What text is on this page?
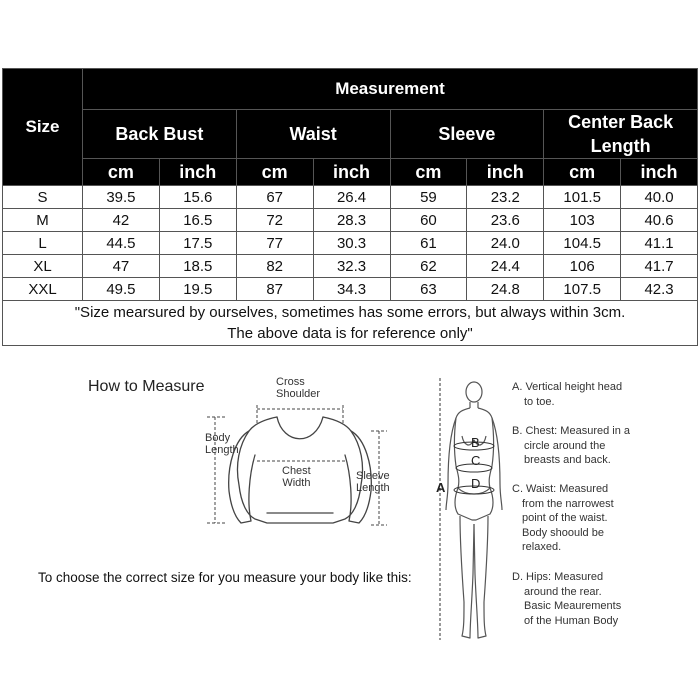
Size	Measurement							
	Back Bust		Waist		Sleeve		Center Back
Length	
	cm	inch	cm	inch	cm	inch	cm	inch
S	39.5	15.6	67	26.4	59	23.2	101.5	40.0
M	42	16.5	72	28.3	60	23.6	103	40.6
L	44.5	17.5	77	30.3	61	24.0	104.5	41.1
XL	47	18.5	82	32.3	62	24.4	106	41.7
XXL	49.5	19.5	87	34.3	63	24.8	107.5	42.3
"Size mearsured by ourselves, sometimes has some errors, but always within 3cm.
The above data is for reference only"								
How to Measure	Cross
Shoulder
Body
Length
Chest
Width
Sleeve
Length
To choose the correct size for you measure your body like this:
A
B
C
D
A. Vertical height head
to toe.
B. Chest: Measured in a
circle around the
breasts and back.
C. Waist: Measured
from the narrowest
point of the waist.
Body shoould be
relaxed.
D. Hips: Measured
around the rear.
Basic Meaurements
of the Human Body
